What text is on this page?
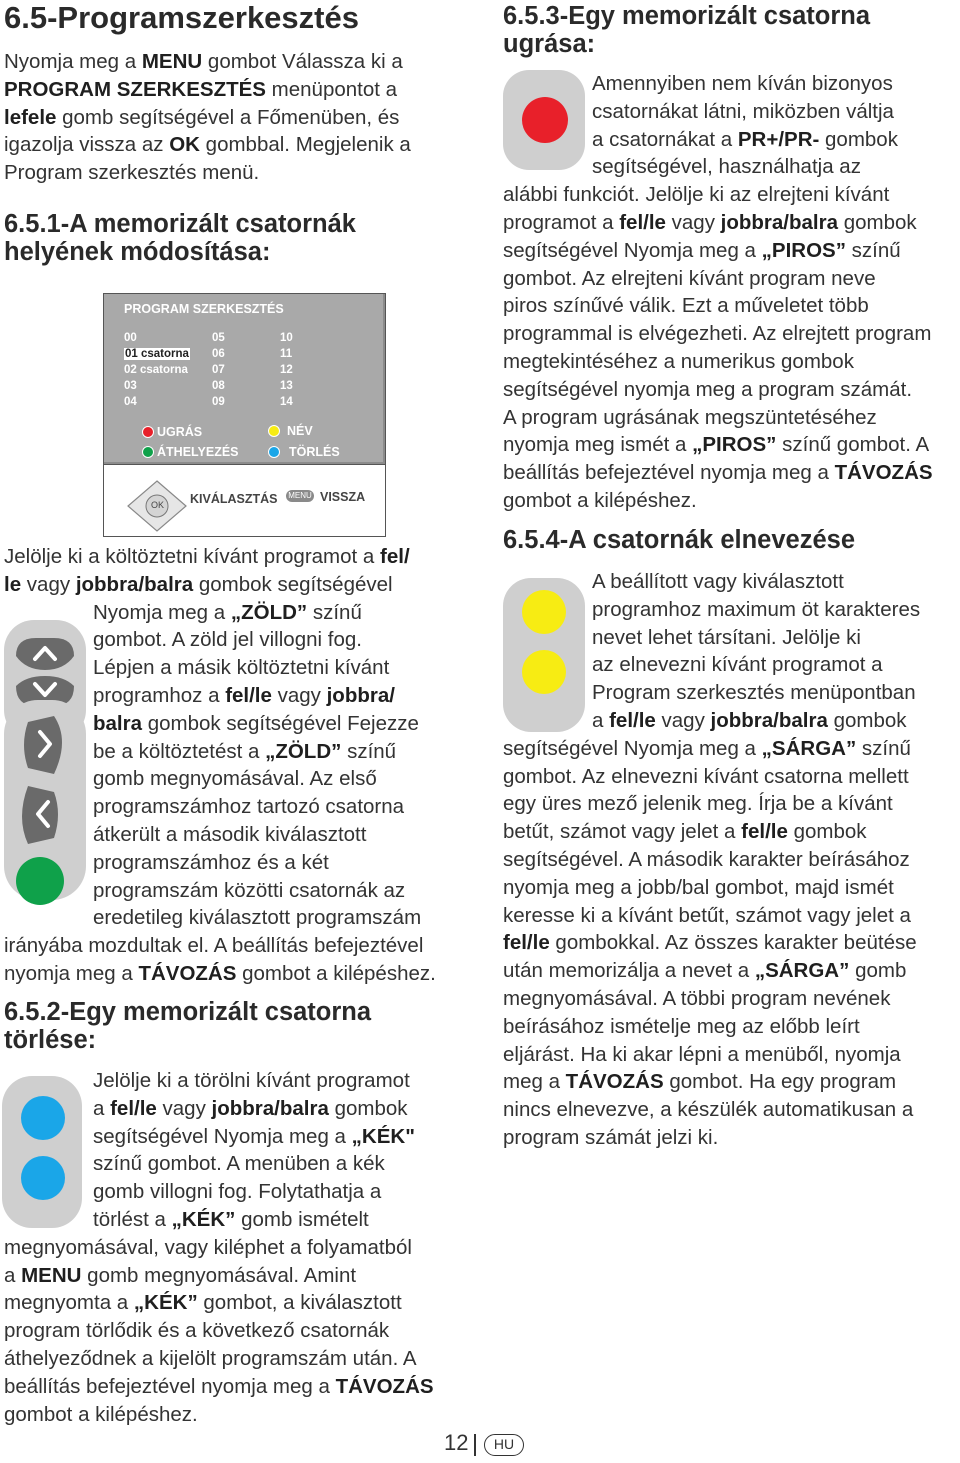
6.5-Programszerkesztés
Nyomja meg a MENU gombot Válassza ki a
PROGRAM SZERKESZTÉS menüpontot a
lefele gomb segítségével a Főmenüben, és
igazolja vissza az OK gombbal. Megjelenik a
Program szerkesztés menü.
6.5.1-A memorizált csatornák
helyének módosítása:
PROGRAM SZERKESZTÉS
00
01 csatorna
02 csatorna
03
04
05
06
07
08
09
10
11
12
13
14
UGRÁS
ÁTHELYEZÉS
NÉV
TÖRLÉS
OK KIVÁLASZTÁS MENU VISSZA
Jelölje ki a költöztetni kívánt programot a fel/
le vagy jobbra/balra gombok segítségével
Nyomja meg a „ZÖLD” színű
gombot. A zöld jel villogni fog.
Lépjen a másik költöztetni kívánt
programhoz a fel/le vagy jobbra/
balra gombok segítségével Fejezze
be a költöztetést a „ZÖLD” színű
gomb megnyomásával. Az első
programszámhoz tartozó csatorna
átkerült a második kiválasztott
programszámhoz és a két
programszám közötti csatornák az
eredetileg kiválasztott programszám
irányába mozdultak el. A beállítás befejeztével
nyomja meg a TÁVOZÁS gombot a kilépéshez.
6.5.2-Egy memorizált csatorna
törlése:
Jelölje ki a törölni kívánt programot
a fel/le vagy jobbra/balra gombok
segítségével Nyomja meg a „KÉK"
színű gombot. A menüben a kék
gomb villogni fog. Folytathatja a
törlést a „KÉK” gomb ismételt
megnyomásával, vagy kiléphet a folyamatból
a MENU gomb megnyomásával. Amint
megnyomta a „KÉK” gombot, a kiválasztott
program törlődik és a következő csatornák
áthelyeződnek a kijelölt programszám után. A
beállítás befejeztével nyomja meg a TÁVOZÁS
gombot a kilépéshez.
6.5.3-Egy memorizált csatorna
ugrása:
Amennyiben nem kíván bizonyos
csatornákat látni, miközben váltja
a csatornákat a PR+/PR- gombok
segítségével, használhatja az
alábbi funkciót. Jelölje ki az elrejteni kívánt
programot a fel/le vagy jobbra/balra gombok
segítségével Nyomja meg a „PIROS” színű
gombot. Az elrejteni kívánt program neve
piros színűvé válik. Ezt a műveletet több
programmal is elvégezheti. Az elrejtett program
megtekintéséhez a numerikus gombok
segítségével nyomja meg a program számát.
A program ugrásának megszüntetéséhez
nyomja meg ismét a „PIROS” színű gombot. A
beállítás befejeztével nyomja meg a TÁVOZÁS
gombot a kilépéshez.
6.5.4-A csatornák elnevezése
A beállított vagy kiválasztott
programhoz maximum öt karakteres
nevet lehet társítani. Jelölje ki
az elnevezni kívánt programot a
Program szerkesztés menüpontban
a fel/le vagy jobbra/balra gombok
segítségével Nyomja meg a „SÁRGA” színű
gombot. Az elnevezni kívánt csatorna mellett
egy üres mező jelenik meg. Írja be a kívánt
betűt, számot vagy jelet a fel/le gombok
segítségével. A második karakter beírásához
nyomja meg a jobb/bal gombot, majd ismét
keresse ki a kívánt betűt, számot vagy jelet a
fel/le gombokkal. Az összes karakter beütése
után memorizálja a nevet a „SÁRGA” gomb
megnyomásával. A többi program nevének
beírásához ismételje meg az előbb leírt
eljárást. Ha ki akar lépni a menüből, nyomja
meg a TÁVOZÁS gombot. Ha egy program
nincs elnevezve, a készülék automatikusan a
program számát jelzi ki.
12	HU
